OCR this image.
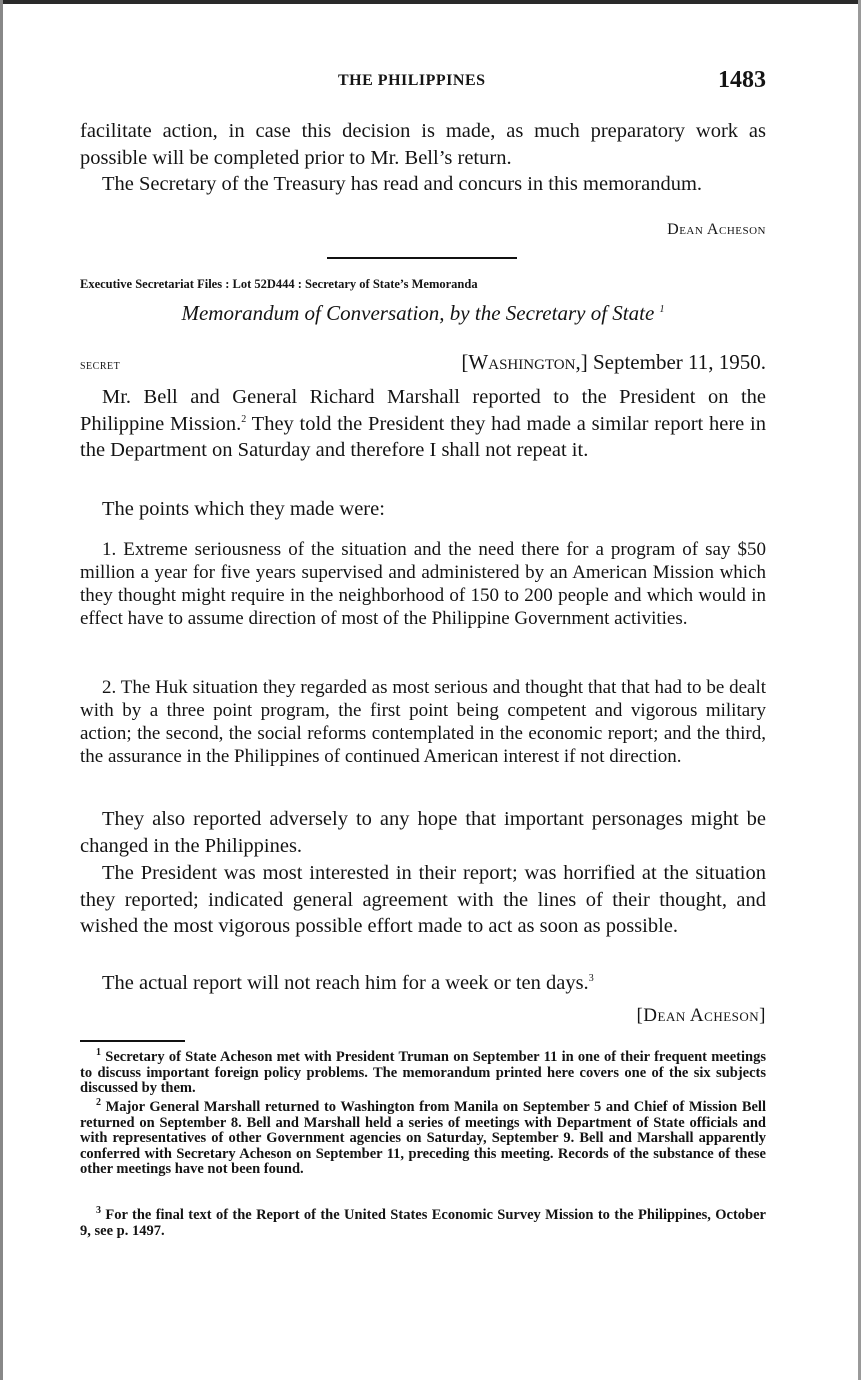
THE PHILIPPINES	1483

facilitate action, in case this decision is made, as much preparatory work as possible will be completed prior to Mr. Bell’s return.

The Secretary of the Treasury has read and concurs in this memorandum.

Dean Acheson
Executive Secretariat Files : Lot 52D444 : Secretary of State’s Memoranda
Memorandum of Conversation, by the Secretary of State $^1$
secret	[Washington,] September 11, 1950.

Mr. Bell and General Richard Marshall reported to the President on the Philippine Mission.$^2$ They told the President they had made a similar report here in the Department on Saturday and therefore I shall not repeat it.

The points which they made were:

1. Extreme seriousness of the situation and the need there for a program of say $50 million a year for five years supervised and administered by an American Mission which they thought might require in the neighborhood of 150 to 200 people and which would in effect have to assume direction of most of the Philippine Government activities.

2. The Huk situation they regarded as most serious and thought that that had to be dealt with by a three point program, the first point being competent and vigorous military action; the second, the social reforms contemplated in the economic report; and the third, the assurance in the Philippines of continued American interest if not direction.

They also reported adversely to any hope that important personages might be changed in the Philippines.

The President was most interested in their report; was horrified at the situation they reported; indicated general agreement with the lines of their thought, and wished the most vigorous possible effort made to act as soon as possible.

The actual report will not reach him for a week or ten days.$^3$

[Dean Acheson]

$^1$ Secretary of State Acheson met with President Truman on September 11 in one of their frequent meetings to discuss important foreign policy problems. The memorandum printed here covers one of the six subjects discussed by them.

$^2$ Major General Marshall returned to Washington from Manila on September 5 and Chief of Mission Bell returned on September 8. Bell and Marshall held a series of meetings with Department of State officials and with representatives of other Government agencies on Saturday, September 9. Bell and Marshall apparently conferred with Secretary Acheson on September 11, preceding this meeting. Records of the substance of these other meetings have not been found.

$^3$ For the final text of the Report of the United States Economic Survey Mission to the Philippines, October 9, see p. 1497.
